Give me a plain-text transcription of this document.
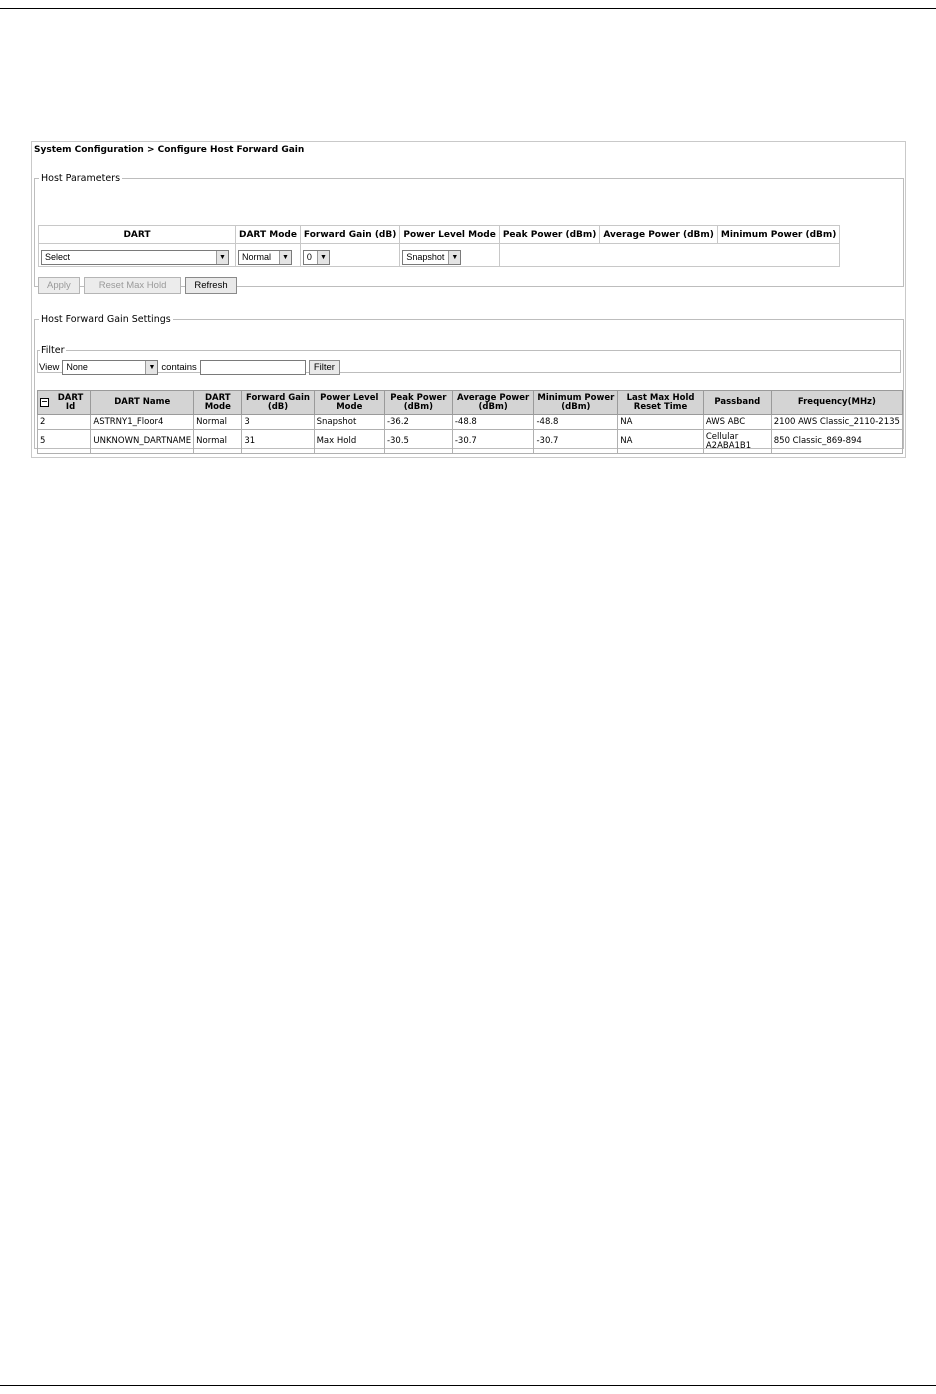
System Configuration > Configure Host Forward Gain
Host Parameters
DART	DART Mode	Forward Gain (dB)	Power Level Mode	Peak Power (dBm)	Average Power (dBm)	Minimum Power (dBm)

Select ▼	Normal ▼	0 ▼	Snapshot ▼			

Apply	Reset Max Hold	Refresh
Host Forward Gain Settings
Filter
View None	▼ contains	Filter
− DART Id	DART Name	DART Mode	Forward Gain (dB)	Power Level Mode	Peak Power (dBm)	Average Power (dBm)	Minimum Power (dBm)	Last Max Hold Reset Time	Passband	Frequency(MHz)
2	ASTRNY1_Floor4	Normal	3	Snapshot	-36.2	-48.8	-48.8	NA	AWS ABC	2100 AWS Classic_2110-2135
5	UNKNOWN_DARTNAME	Normal	31	Max Hold	-30.5	-30.7	-30.7	NA	Cellular A2ABA1B1	850 Classic_869-894
